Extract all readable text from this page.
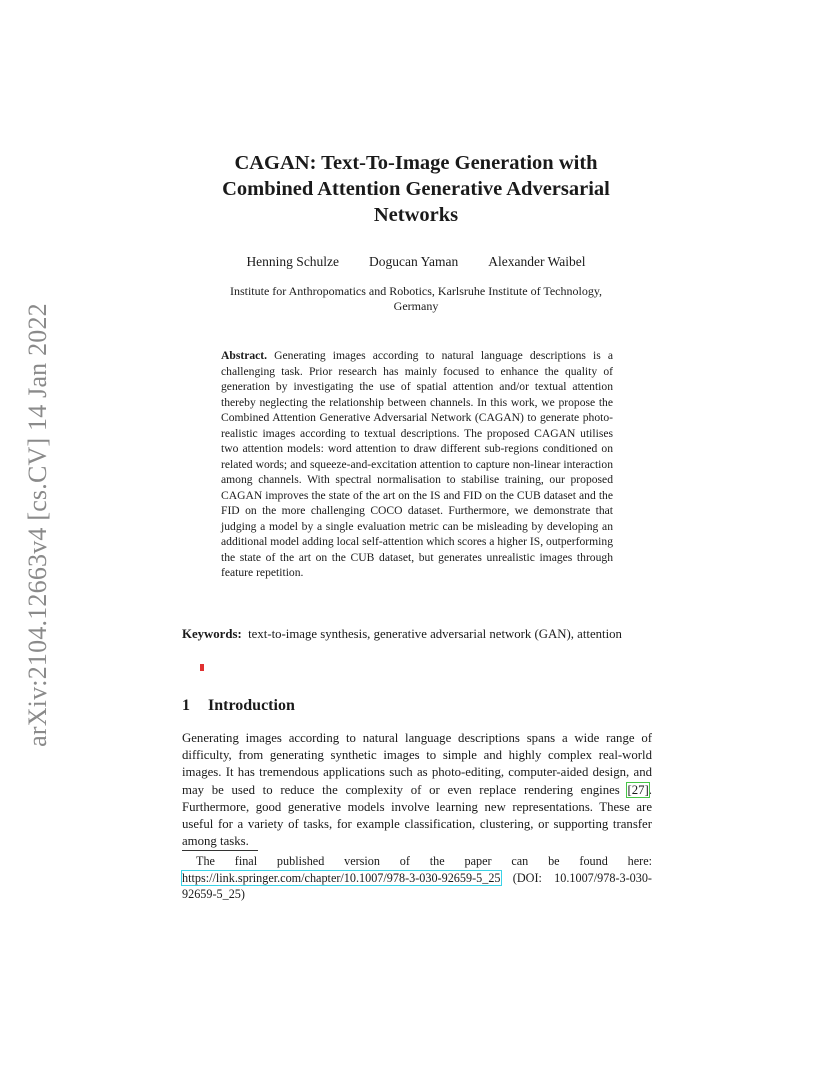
arXiv:2104.12663v4 [cs.CV] 14 Jan 2022
CAGAN: Text-To-Image Generation with
Combined Attention Generative Adversarial
Networks
Henning Schulze Dogucan Yaman Alexander Waibel
Institute for Anthropomatics and Robotics, Karlsruhe Institute of Technology,
Germany
Abstract. Generating images according to natural language descriptions is a challenging task. Prior research has mainly focused to enhance the quality of generation by investigating the use of spatial attention and/or textual attention thereby neglecting the relationship between channels. In this work, we propose the Combined Attention Generative Adversarial Network (CAGAN) to generate photo-realistic images according to textual descriptions. The proposed CAGAN utilises two attention models: word attention to draw different sub-regions conditioned on related words; and squeeze-and-excitation attention to capture non-linear interaction among channels. With spectral normalisation to stabilise training, our proposed CAGAN improves the state of the art on the IS and FID on the CUB dataset and the FID on the more challenging COCO dataset. Furthermore, we demonstrate that judging a model by a single evaluation metric can be misleading by developing an additional model adding local self-attention which scores a higher IS, outperforming the state of the art on the CUB dataset, but generates unrealistic images through feature repetition.
Keywords: text-to-image synthesis, generative adversarial network (GAN), attention
1 Introduction
Generating images according to natural language descriptions spans a wide range of difficulty, from generating synthetic images to simple and highly complex real-world images. It has tremendous applications such as photo-editing, computer-aided design, and may be used to reduce the complexity of or even replace rendering engines [27]. Furthermore, good generative models involve learning new representations. These are useful for a variety of tasks, for example classification, clustering, or supporting transfer among tasks.
The final published version of the paper can be found here: https://link.springer.com/chapter/10.1007/978-3-030-92659-5_25 (DOI: 10.1007/978-3-030-92659-5_25)
